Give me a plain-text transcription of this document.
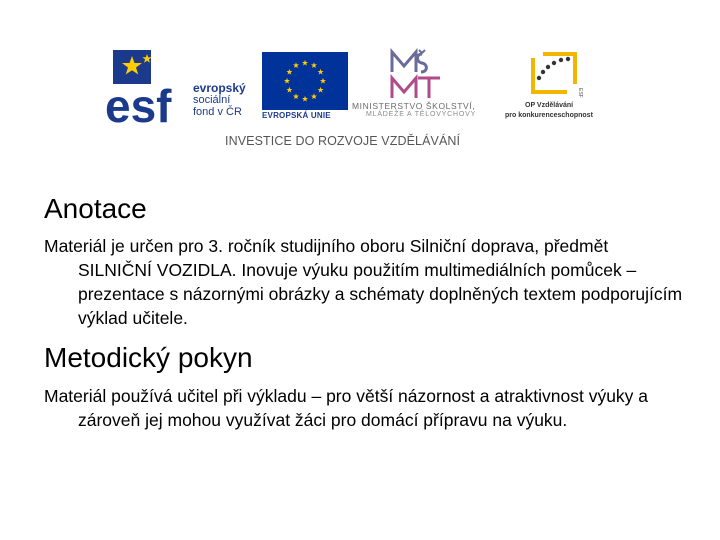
esf evropský
sociální
fond v ČR	EVROPSKÁ UNIE
MINISTERSTVO ŠKOLSTVÍ,
MLÁDEŽE A TĚLOVÝCHOVY
ESF
OP Vzdělávání
pro konkurenceschopnost
INVESTICE DO ROZVOJE VZDĚLÁVÁNÍ
Anotace
Materiál je určen pro 3. ročník studijního oboru Silniční doprava, předmět SILNIČNÍ VOZIDLA. Inovuje výuku použitím multimediálních pomůcek – prezentace s názornými obrázky a schématy doplněných textem podporujícím výklad učitele.
Metodický pokyn
Materiál používá učitel při výkladu – pro větší názornost a atraktivnost výuky a zároveň jej mohou využívat žáci pro domácí přípravu na výuku.
